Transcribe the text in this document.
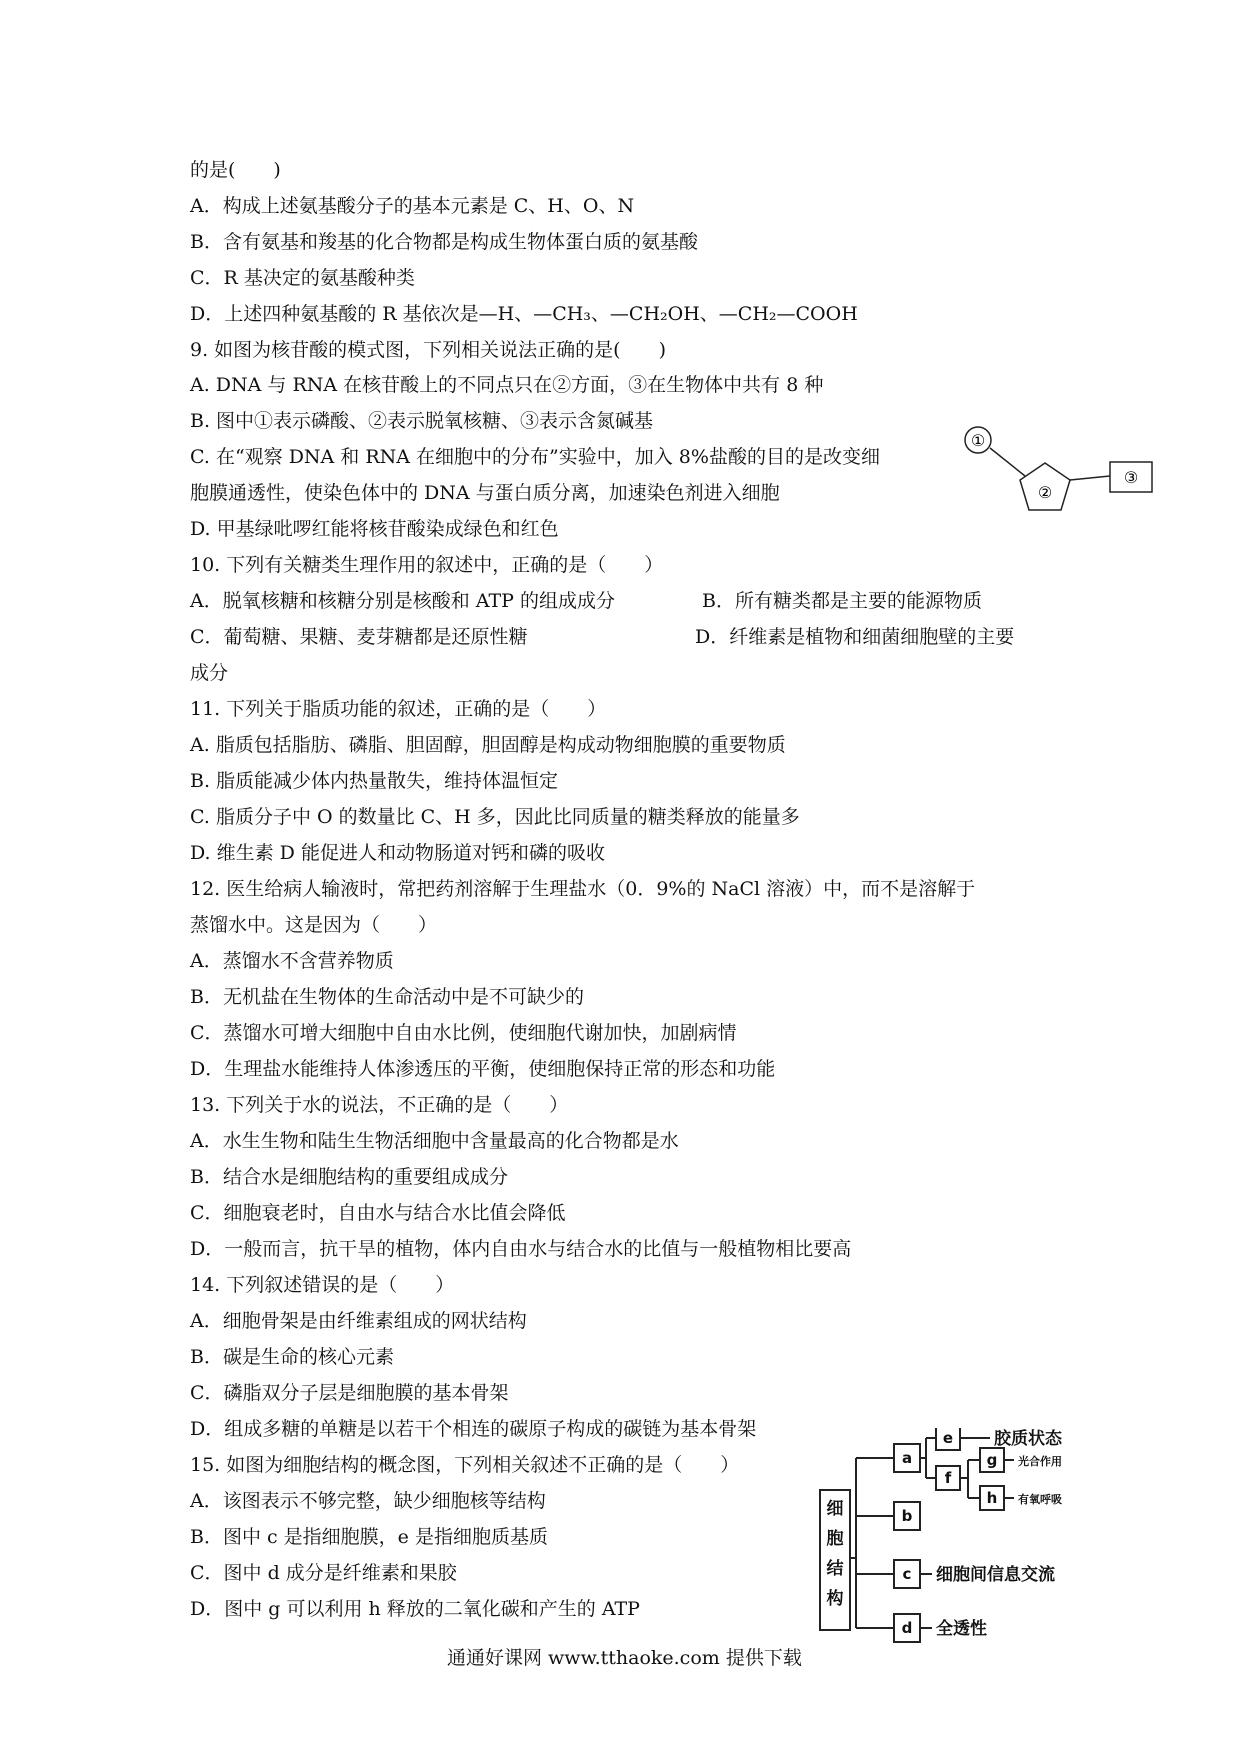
的是(　　)
A．构成上述氨基酸分子的基本元素是 C、H、O、N
B．含有氨基和羧基的化合物都是构成生物体蛋白质的氨基酸
C．R 基决定的氨基酸种类
D．上述四种氨基酸的 R 基依次是—H、—CH₃、—CH₂OH、—CH₂—COOH
9. 如图为核苷酸的模式图，下列相关说法正确的是(　　)
A. DNA 与 RNA 在核苷酸上的不同点只在②方面，③在生物体中共有 8 种
B. 图中①表示磷酸、②表示脱氧核糖、③表示含氮碱基
C. 在“观察 DNA 和 RNA 在细胞中的分布”实验中，加入 8%盐酸的目的是改变细
胞膜通透性，使染色体中的 DNA 与蛋白质分离，加速染色剂进入细胞
D. 甲基绿吡啰红能将核苷酸染成绿色和红色
10. 下列有关糖类生理作用的叙述中，正确的是（　　）
A．脱氧核糖和核糖分别是核酸和 ATP 的组成成分	B．所有糖类都是主要的能源物质
C．葡萄糖、果糖、麦芽糖都是还原性糖	D．纤维素是植物和细菌细胞壁的主要
成分
11. 下列关于脂质功能的叙述，正确的是（　　）
A. 脂质包括脂肪、磷脂、胆固醇，胆固醇是构成动物细胞膜的重要物质
B. 脂质能减少体内热量散失，维持体温恒定
C. 脂质分子中 O 的数量比 C、H 多，因此比同质量的糖类释放的能量多
D. 维生素 D 能促进人和动物肠道对钙和磷的吸收
12. 医生给病人输液时，常把药剂溶解于生理盐水（0．9%的 NaCl 溶液）中，而不是溶解于
蒸馏水中。这是因为（　　）
A．蒸馏水不含营养物质
B．无机盐在生物体的生命活动中是不可缺少的
C．蒸馏水可增大细胞中自由水比例，使细胞代谢加快，加剧病情
D．生理盐水能维持人体渗透压的平衡，使细胞保持正常的形态和功能
13. 下列关于水的说法，不正确的是（　　）
A．水生生物和陆生生物活细胞中含量最高的化合物都是水
B．结合水是细胞结构的重要组成成分
C．细胞衰老时，自由水与结合水比值会降低
D．一般而言，抗干旱的植物，体内自由水与结合水的比值与一般植物相比要高
14. 下列叙述错误的是（　　）
A．细胞骨架是由纤维素组成的网状结构
B．碳是生命的核心元素
C．磷脂双分子层是细胞膜的基本骨架
D．组成多糖的单糖是以若干个相连的碳原子构成的碳链为基本骨架
15. 如图为细胞结构的概念图，下列相关叙述不正确的是（　　）
A．该图表示不够完整，缺少细胞核等结构
B．图中 c 是指细胞膜，e 是指细胞质基质
C．图中 d 成分是纤维素和果胶
D．图中 g 可以利用 h 释放的二氧化碳和产生的 ATP
①
②
③
细
胞
结
构
a
b
c
d
e
f
g
h
胶质状态
光合作用
有氧呼吸
细胞间信息交流
全透性
通通好课网 www.tthaoke.com 提供下载
